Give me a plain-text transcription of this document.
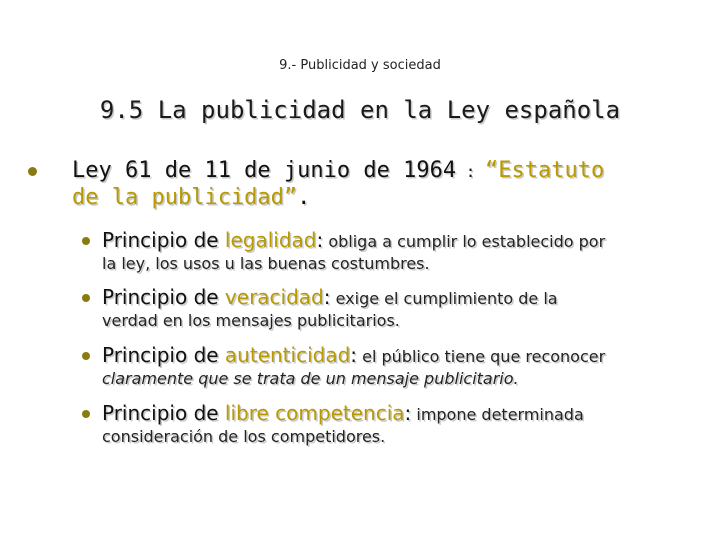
9.- Publicidad y sociedad
9.5 La publicidad en la Ley española
Ley 61 de 11 de junio de 1964 : “Estatuto
de la publicidad”.
Principio de legalidad: obliga a cumplir lo establecido por
la ley, los usos u las buenas costumbres.
Principio de veracidad: exige el cumplimiento de la
verdad en los mensajes publicitarios.
Principio de autenticidad: el público tiene que reconocer
claramente que se trata de un mensaje publicitario.
Principio de libre competencia: impone determinada
consideración de los competidores.
